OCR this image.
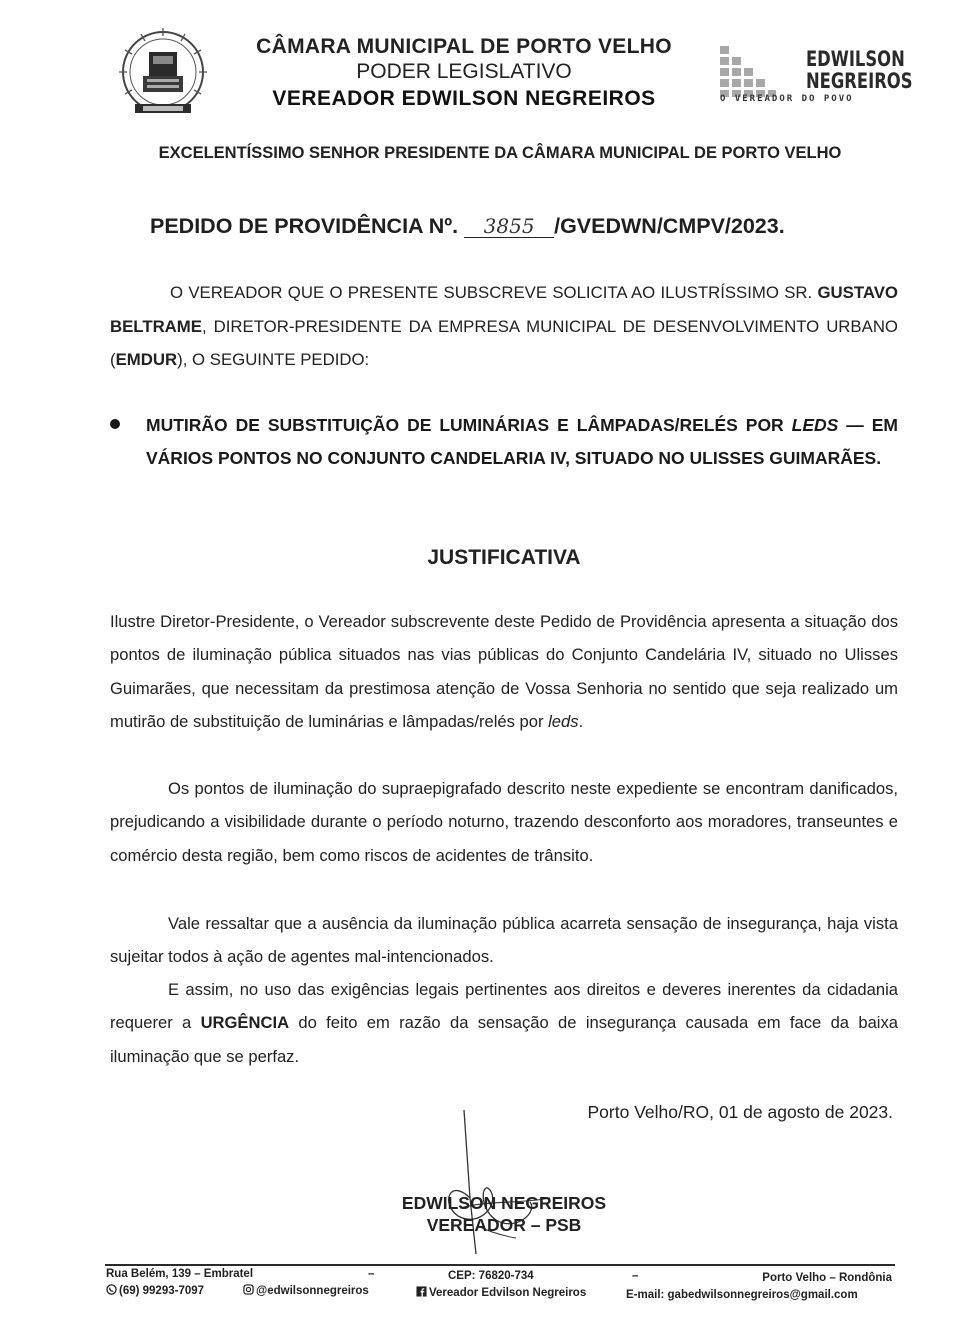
CÂMARA MUNICIPAL DE PORTO VELHO
PODER LEGISLATIVO
VEREADOR EDWILSON NEGREIROS
EDWILSON
NEGREIROS
O VEREADOR DO POVO
EXCELENTÍSSIMO SENHOR PRESIDENTE DA CÂMARA MUNICIPAL DE PORTO VELHO
PEDIDO DE PROVIDÊNCIA Nº. 3855 /GVEDWN/CMPV/2023.
O VEREADOR QUE O PRESENTE SUBSCREVE SOLICITA AO ILUSTRÍSSIMO SR. GUSTAVO BELTRAME, DIRETOR-PRESIDENTE DA EMPRESA MUNICIPAL DE DESENVOLVIMENTO URBANO (EMDUR), O SEGUINTE PEDIDO:
MUTIRÃO DE SUBSTITUIÇÃO DE LUMINÁRIAS E LÂMPADAS/RELÉS POR LEDS — EM VÁRIOS PONTOS NO CONJUNTO CANDELARIA IV, SITUADO NO ULISSES GUIMARÃES.
JUSTIFICATIVA
Ilustre Diretor-Presidente, o Vereador subscrevente deste Pedido de Providência apresenta a situação dos pontos de iluminação pública situados nas vias públicas do Conjunto Candelária IV, situado no Ulisses Guimarães, que necessitam da prestimosa atenção de Vossa Senhoria no sentido que seja realizado um mutirão de substituição de luminárias e lâmpadas/relés por leds.
Os pontos de iluminação do supraepigrafado descrito neste expediente se encontram danificados, prejudicando a visibilidade durante o período noturno, trazendo desconforto aos moradores, transeuntes e comércio desta região, bem como riscos de acidentes de trânsito.
Vale ressaltar que a ausência da iluminação pública acarreta sensação de insegurança, haja vista sujeitar todos à ação de agentes mal-intencionados.
E assim, no uso das exigências legais pertinentes aos direitos e deveres inerentes da cidadania requerer a URGÊNCIA do feito em razão da sensação de insegurança causada em face da baixa iluminação que se perfaz.
Porto Velho/RO, 01 de agosto de 2023.
EDWILSON NEGREIROS
VEREADOR – PSB
Rua Belém, 139 – Embratel	–
(69) 99293-7097	@edwilsonnegreiros
CEP: 76820-734
Vereador Edvilson Negreiros
–	Porto Velho – Rondônia
E-mail: gabedwilsonnegreiros@gmail.com
